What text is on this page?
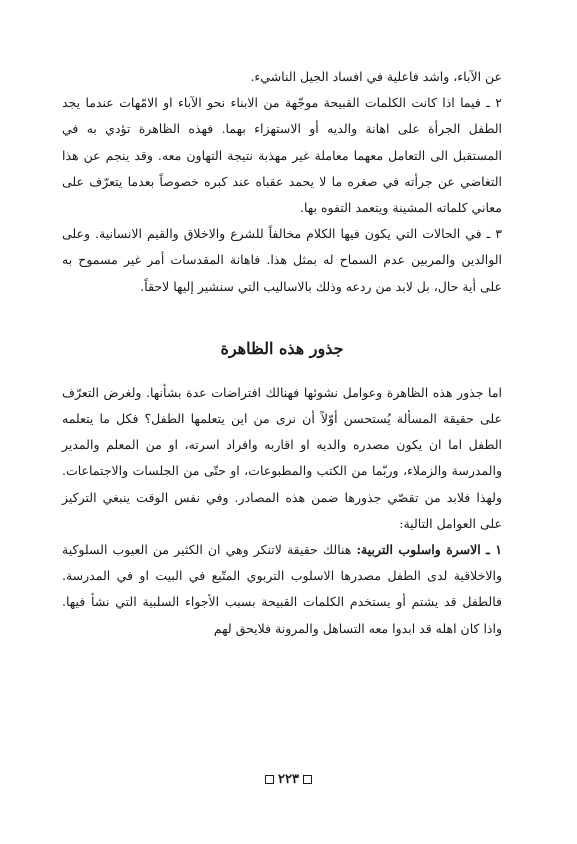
عن الآباء، واشد فاعلية في افساد الجيل الناشيء.

٢ ـ فيما اذا كانت الكلمات القبيحة موجّهة من الابناء نحو الآباء او الامّهات عندما يجد الطفل الجرأة على اهانة والديه أو الاستهزاء بهما. فهذه الظاهرة تؤدي به في المستقبل الى التعامل معهما معاملة غير مهذبة نتيجة التهاون معه. وقد ينجم عن هذا التغاضي عن جرأته في صغره ما لا يحمد عقباه عند كبره خصوصاً بعدما يتعرّف على معاني كلماته المشينة ويتعمد التفوه بها.

٣ ـ في الحالات التي يكون فيها الكلام مخالفاً للشرع والاخلاق والقيم الانسانية. وعلى الوالدين والمربين عدم السماح له بمثل هذا. فاهانة المقدسات أمر غير مسموح به على أية حال، بل لابد من ردعه وذلك بالاساليب التي سنشير إليها لاحقاً.

جذور هذه الظاهرة

اما جذور هذه الظاهرة وعوامل نشوئها فهنالك افتراضات عدة بشأنها. ولغرض التعرّف على حقيقة المسألة يُستحسن أوّلاً أن نرى من اين يتعلمها الطفل؟ فكل ما يتعلمه الطفل اما ان يكون مصدره والديه او اقاربه وافراد اسرته، او من المعلم والمدير والمدرسة والزملاء، وربّما من الكتب والمطبوعات، او حتّى من الجلسات والاجتماعات. ولهذا فلابد من تقصّي جذورها ضمن هذه المصادر. وفي نفس الوقت ينبغي التركيز على العوامل التالية:

١ ـ الاسرة واسلوب التربية: هنالك حقيقة لاتنكر وهي ان الكثير من العيوب السلوكية والاخلاقية لدى الطفل مصدرها الاسلوب التربوي المتّبع في البيت او في المدرسة. فالطفل قد يشتم أو يستخدم الكلمات القبيحة بسبب الأجواء السلبية التي نشأ فيها. واذا كان اهله قد ابدوا معه التساهل والمرونة فلايحق لهم

٢٢٣
